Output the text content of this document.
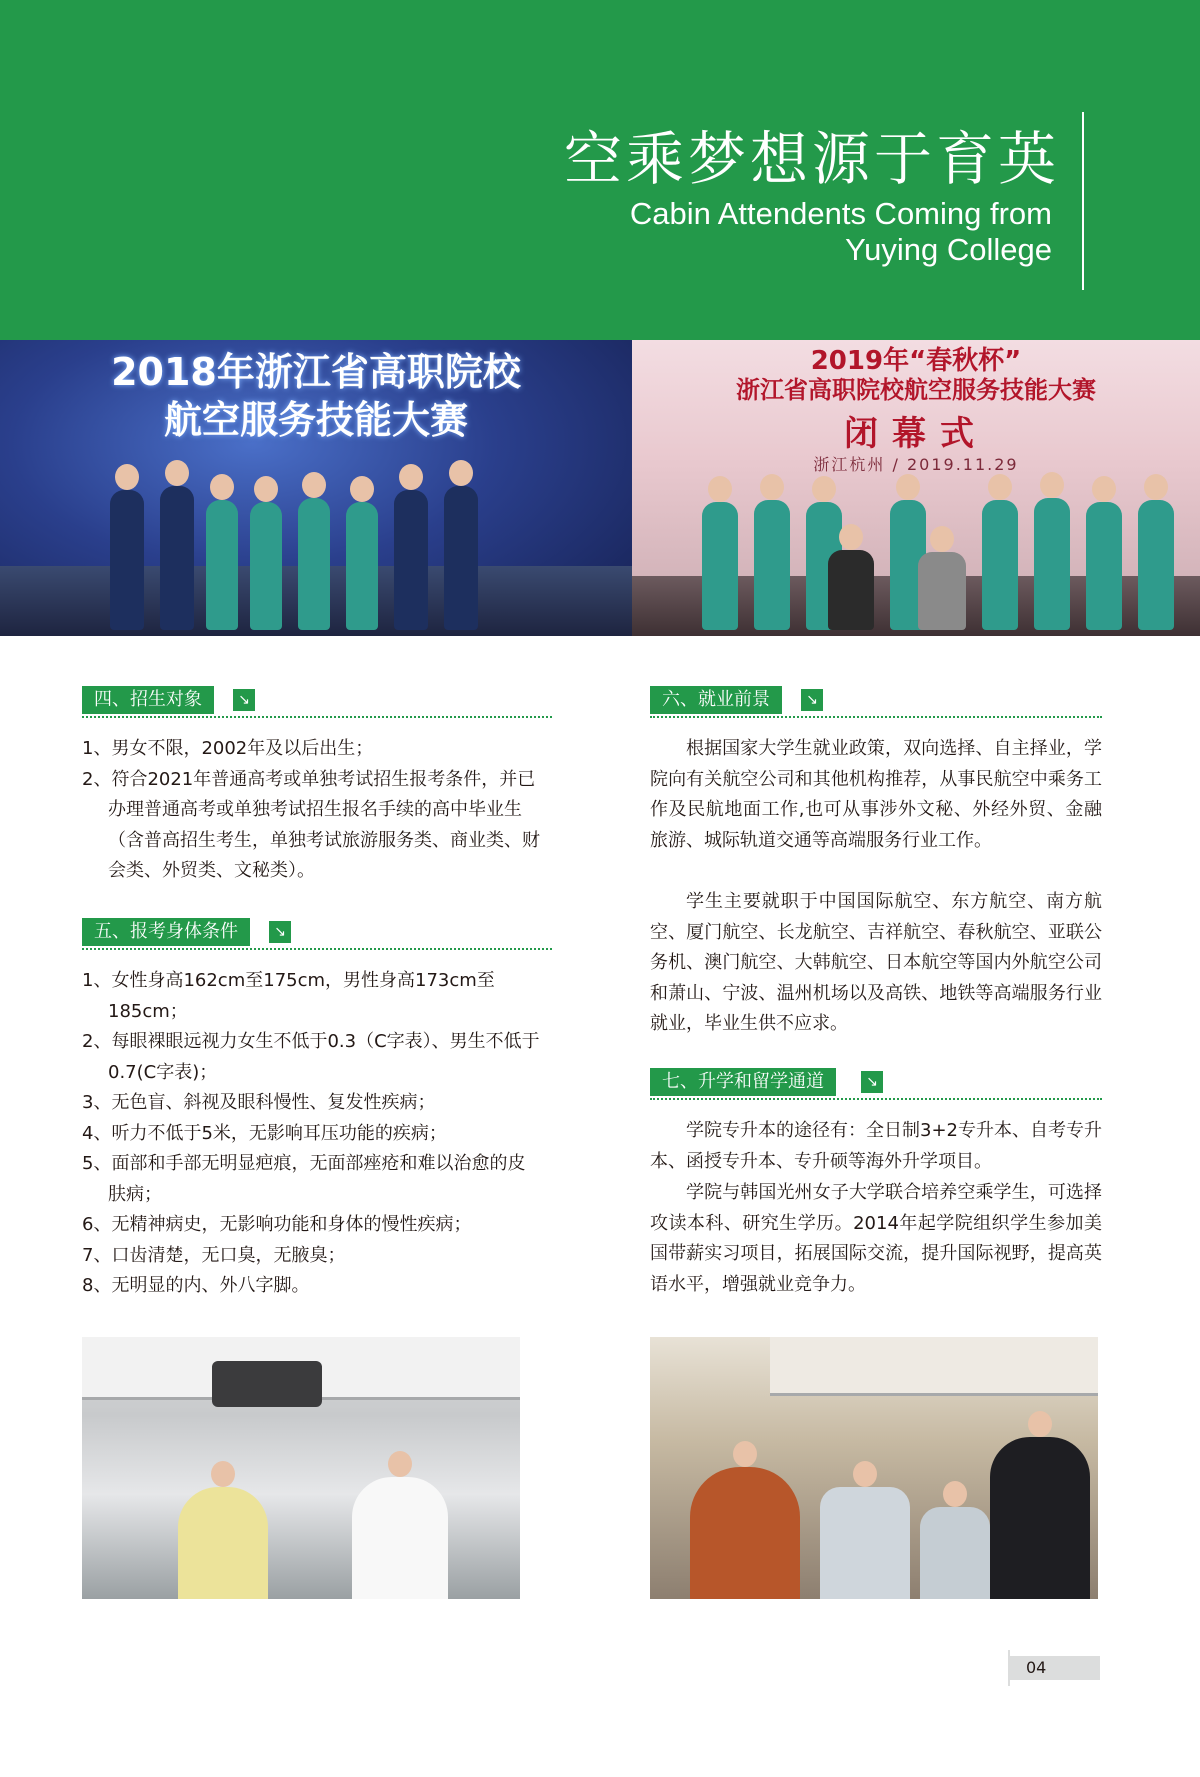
空乘梦想源于育英
Cabin Attendents Coming from
Yuying College
2018年浙江省高职院校
航空服务技能大赛
2019年“春秋杯”
浙江省高职院校航空服务技能大赛
闭幕式
浙江杭州 / 2019.11.29
四、招生对象	↘
1、男女不限，2002年及以后出生；
2、符合2021年普通高考或单独考试招生报考条件，并已办理普通高考或单独考试招生报名手续的高中毕业生（含普高招生考生，单独考试旅游服务类、商业类、财会类、外贸类、文秘类）。
五、报考身体条件	↘
1、女性身高162cm至175cm，男性身高173cm至185cm；
2、每眼裸眼远视力女生不低于0.3（C字表）、男生不低于0.7(C字表)；
3、无色盲、斜视及眼科慢性、复发性疾病；
4、听力不低于5米，无影响耳压功能的疾病；
5、面部和手部无明显疤痕，无面部痤疮和难以治愈的皮肤病；
6、无精神病史，无影响功能和身体的慢性疾病；
7、口齿清楚，无口臭，无腋臭；
8、无明显的内、外八字脚。
六、就业前景	↘

根据国家大学生就业政策，双向选择、自主择业，学院向有关航空公司和其他机构推荐，从事民航空中乘务工作及民航地面工作,也可从事涉外文秘、外经外贸、金融旅游、城际轨道交通等高端服务行业工作。

学生主要就职于中国国际航空、东方航空、南方航空、厦门航空、长龙航空、吉祥航空、春秋航空、亚联公务机、澳门航空、大韩航空、日本航空等国内外航空公司和萧山、宁波、温州机场以及高铁、地铁等高端服务行业就业，毕业生供不应求。

七、升学和留学通道	↘

学院专升本的途径有：全日制3+2专升本、自考专升本、函授专升本、专升硕等海外升学项目。

学院与韩国光州女子大学联合培养空乘学生，可选择攻读本科、研究生学历。2014年起学院组织学生参加美国带薪实习项目，拓展国际交流，提升国际视野，提高英语水平，增强就业竞争力。

04
